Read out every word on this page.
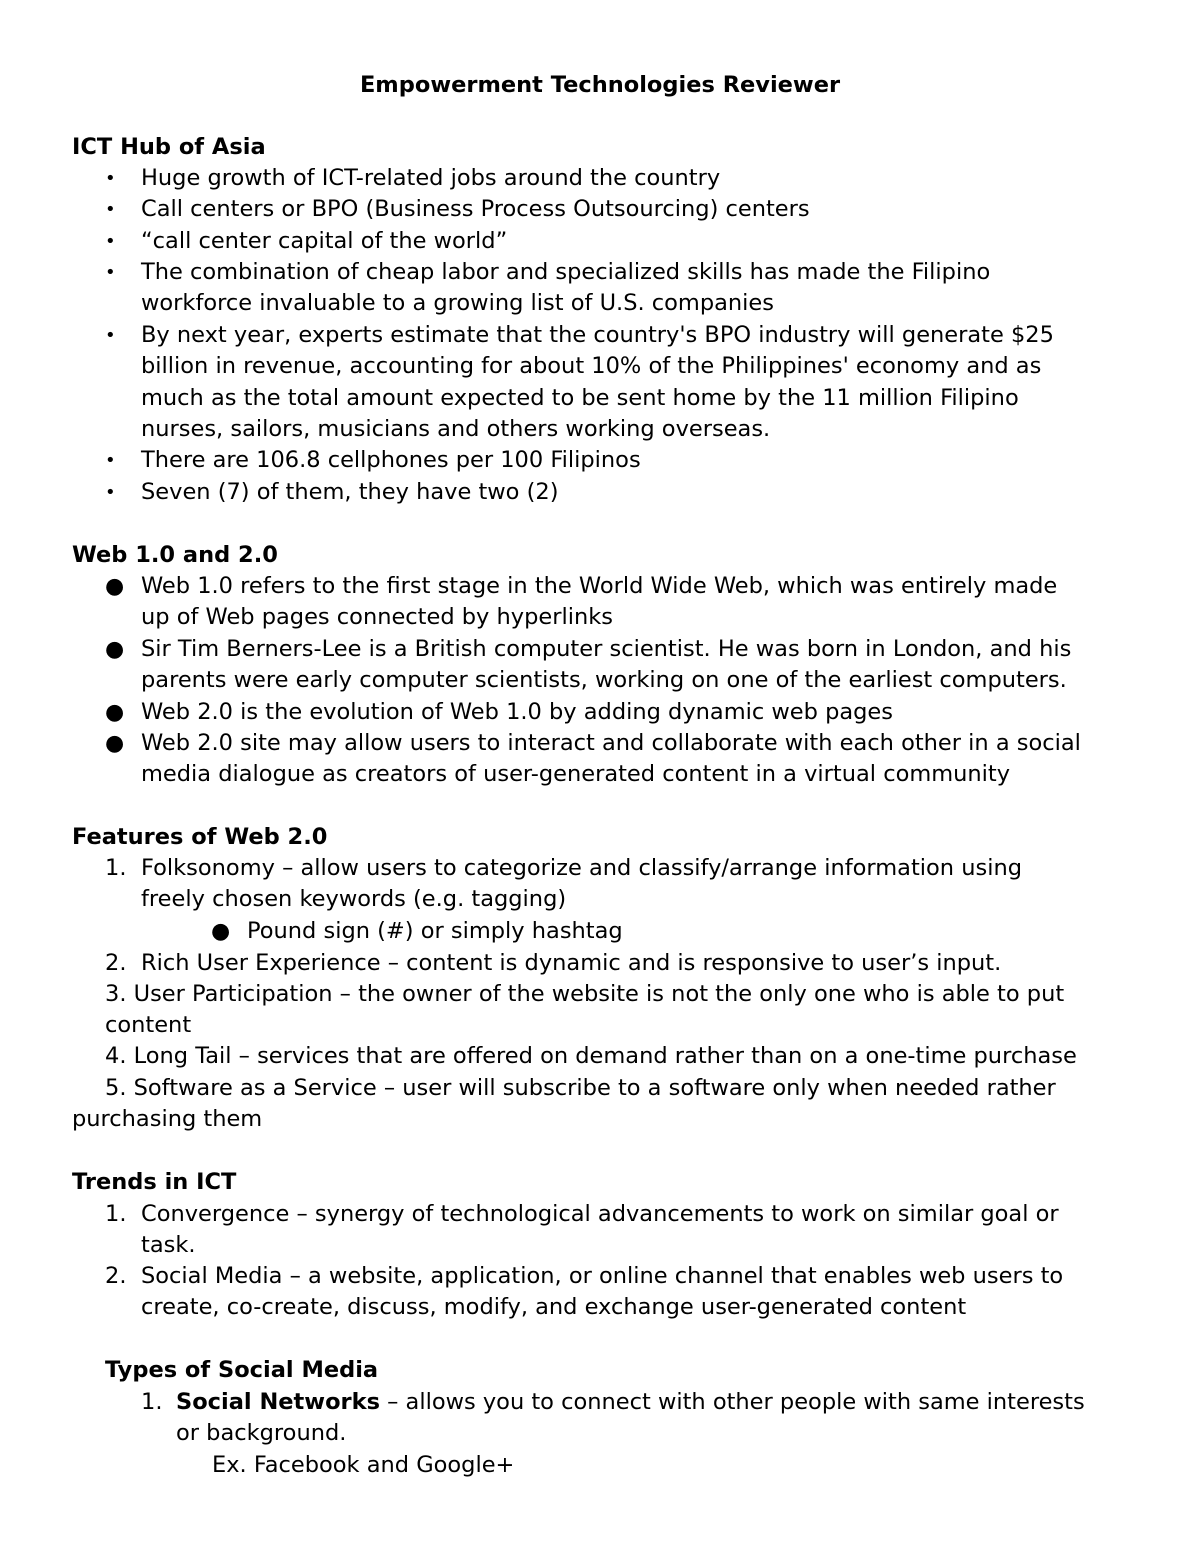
Empowerment Technologies Reviewer
ICT Hub of Asia
• Huge growth of ICT-related jobs around the country
• Call centers or BPO (Business Process Outsourcing) centers
• “call center capital of the world”
• The combination of cheap labor and specialized skills has made the Filipino
workforce invaluable to a growing list of U.S. companies
• By next year, experts estimate that the country's BPO industry will generate $25
billion in revenue, accounting for about 10% of the Philippines' economy and as
much as the total amount expected to be sent home by the 11 million Filipino
nurses, sailors, musicians and others working overseas.
• There are 106.8 cellphones per 100 Filipinos
• Seven (7) of them, they have two (2)
Web 1.0 and 2.0
● Web 1.0 refers to the first stage in the World Wide Web, which was entirely made
up of Web pages connected by hyperlinks
● Sir Tim Berners-Lee is a British computer scientist. He was born in London, and his
parents were early computer scientists, working on one of the earliest computers.
● Web 2.0 is the evolution of Web 1.0 by adding dynamic web pages
● Web 2.0 site may allow users to interact and collaborate with each other in a social
media dialogue as creators of user-generated content in a virtual community
Features of Web 2.0
1. Folksonomy – allow users to categorize and classify/arrange information using
freely chosen keywords (e.g. tagging)
● Pound sign (#) or simply hashtag
2. Rich User Experience – content is dynamic and is responsive to user’s input.
3. User Participation – the owner of the website is not the only one who is able to put
content
4. Long Tail – services that are offered on demand rather than on a one-time purchase
5. Software as a Service – user will subscribe to a software only when needed rather
purchasing them
Trends in ICT
1. Convergence – synergy of technological advancements to work on similar goal or
task.
2. Social Media – a website, application, or online channel that enables web users to
create, co-create, discuss, modify, and exchange user-generated content
Types of Social Media
1. Social Networks – allows you to connect with other people with same interests
or background.
Ex. Facebook and Google+
